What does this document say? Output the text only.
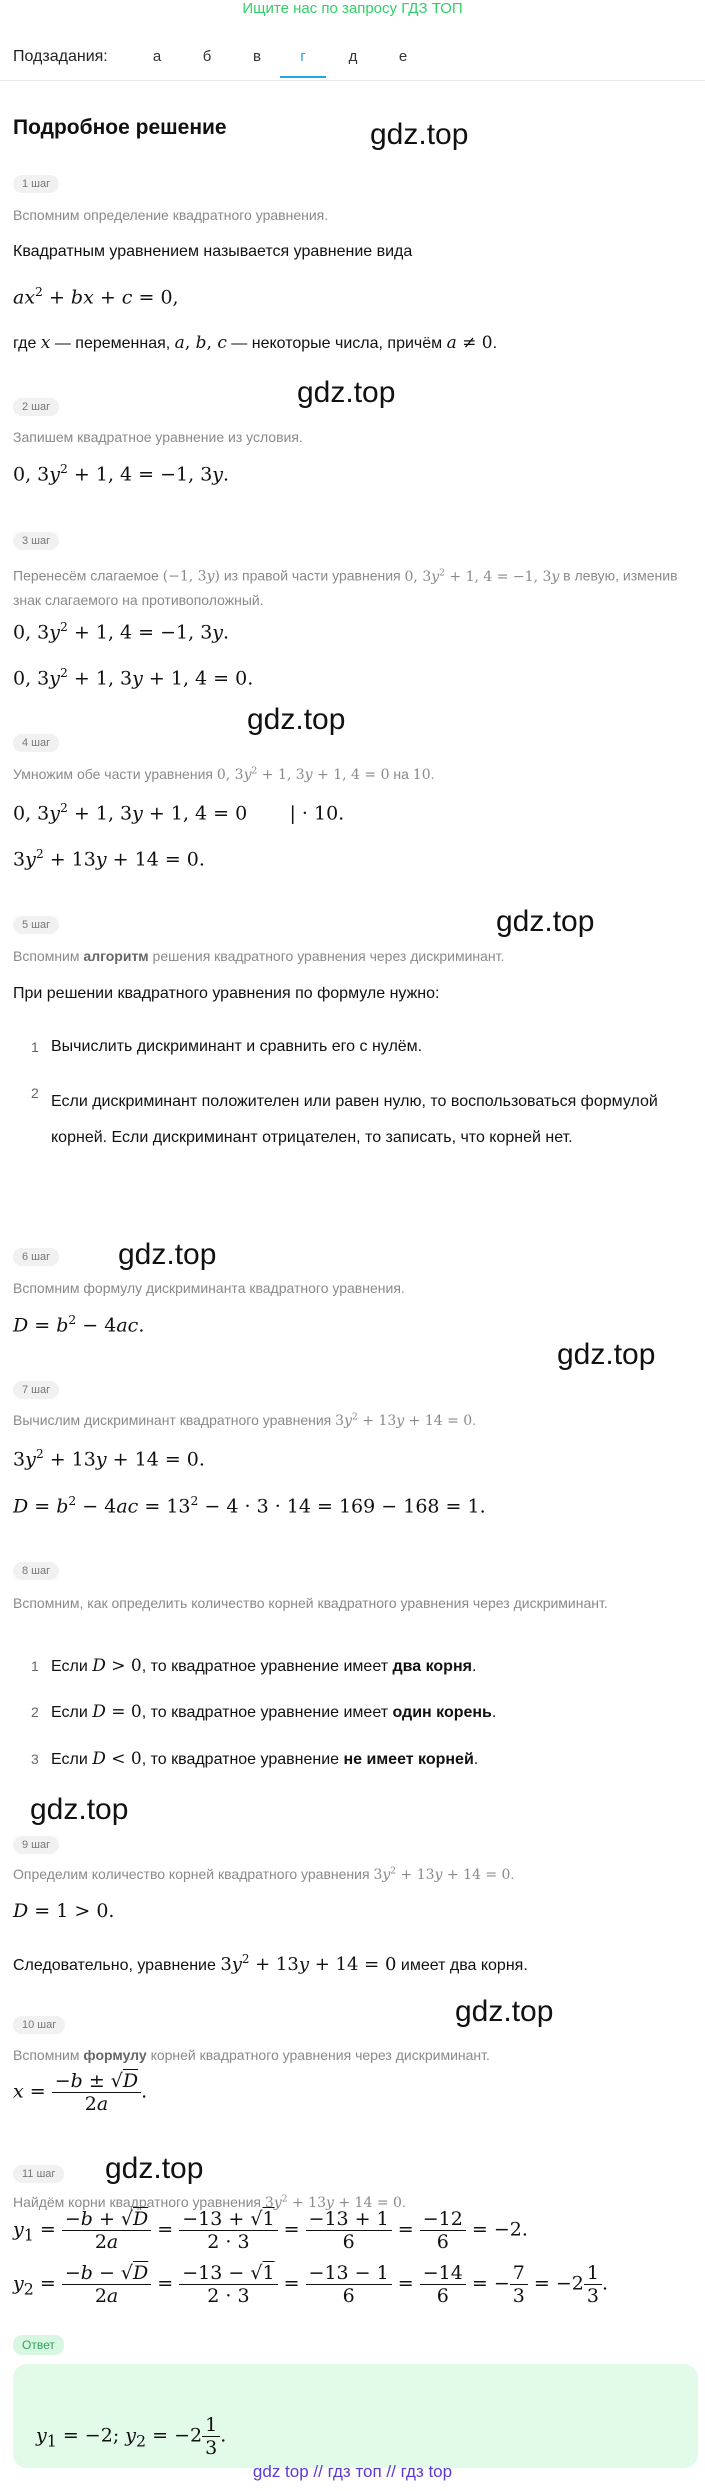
Ищите нас по запросу ГДЗ ТОП
Подзадания:	а	б	в	г	д	е
Подробное решение	gdz.top
gdz.top
gdz.top
gdz.top
gdz.top
gdz.top
gdz.top
gdz.top
gdz.top
1 шаг
Вспомним определение квадратного уравнения.
Квадратным уравнением называется уравнение вида
$ax^2$ + bx + c = 0,
где x — переменная, a, b, c — некоторые числа, причём a ≠ 0.
2 шаг
Запишем квадратное уравнение из условия.
0, $3y^2 + 1$, 4 = −1, 3y.
3 шаг
Перенесём слагаемое (−1, 3y) из правой части уравнения 0, $3y^2 + 1$, 4 = −1, 3y в левую, изменив знак слагаемого на противоположный.
0, $3y^2 + 1$, 4 = −1, 3y.
0, $3y^2 + 1$, 3y + 1, 4 = 0.
4 шаг
Умножим обе части уравнения 0, $3y^2 + 1$, 3y + 1, 4 = 0 на 10.
0, $3y^2 + 1$, 3y + 1, 4 = 0       | · 10.
$3y^2 + 13y + 14 = 0$.
5 шаг
Вспомним алгоритм решения квадратного уравнения через дискриминант.
При решении квадратного уравнения по формуле нужно:
1 Вычислить дискриминант и сравнить его с нулём.
2 Если дискриминант положителен или равен нулю, то воспользоваться формулой корней. Если дискриминант отрицателен, то записать, что корней нет.
6 шаг
Вспомним формулу дискриминанта квадратного уравнения.
$D = b^2 - 4ac$.
7 шаг
Вычислим дискриминант квадратного уравнения $3y^2 + 13y + 14 = 0$.
$3y^2 + 13y + 14 = 0$.
$D = b^2 - 4ac = 13^2 - 4 \cdot 3 \cdot 14 = 169 - 168 = 1$.
8 шаг
Вспомним, как определить количество корней квадратного уравнения через дискриминант.
1 Если D > 0, то квадратное уравнение имеет два корня.
2 Если D = 0, то квадратное уравнение имеет один корень.
3 Если D < 0, то квадратное уравнение не имеет корней.
9 шаг
Определим количество корней квадратного уравнения $3y^2 + 13y + 14 = 0$.
D = 1 > 0.
Следовательно, уравнение $3y^2 + 13y + 14 = 0$ имеет два корня.
10 шаг
Вспомним формулу корней квадратного уравнения через дискриминант.
$x = \frac{-b \pm √D}{2a}$ .
11 шаг
Найдём корни квадратного уравнения $3y^2 + 13y + 14 = 0$.
$y_1 = \frac{-b + √D}{2a} = \frac{-13 + √1}{2 \cdot 3} = \frac{-13 + 1}{6} = \frac{-12}{6} = -2$.
$y_2 = \frac{-b - √D}{2a} = \frac{-13 - √1}{2 \cdot 3} = \frac{-13 - 1}{6} = \frac{-14}{6}$ = − $\frac{7}{3} = -2 \frac{1}{3}$ .
Ответ
$y_1 = -2$; $y_2 = -2 \frac{1}{3}$ .
gdz top // гдз топ // гдз top
